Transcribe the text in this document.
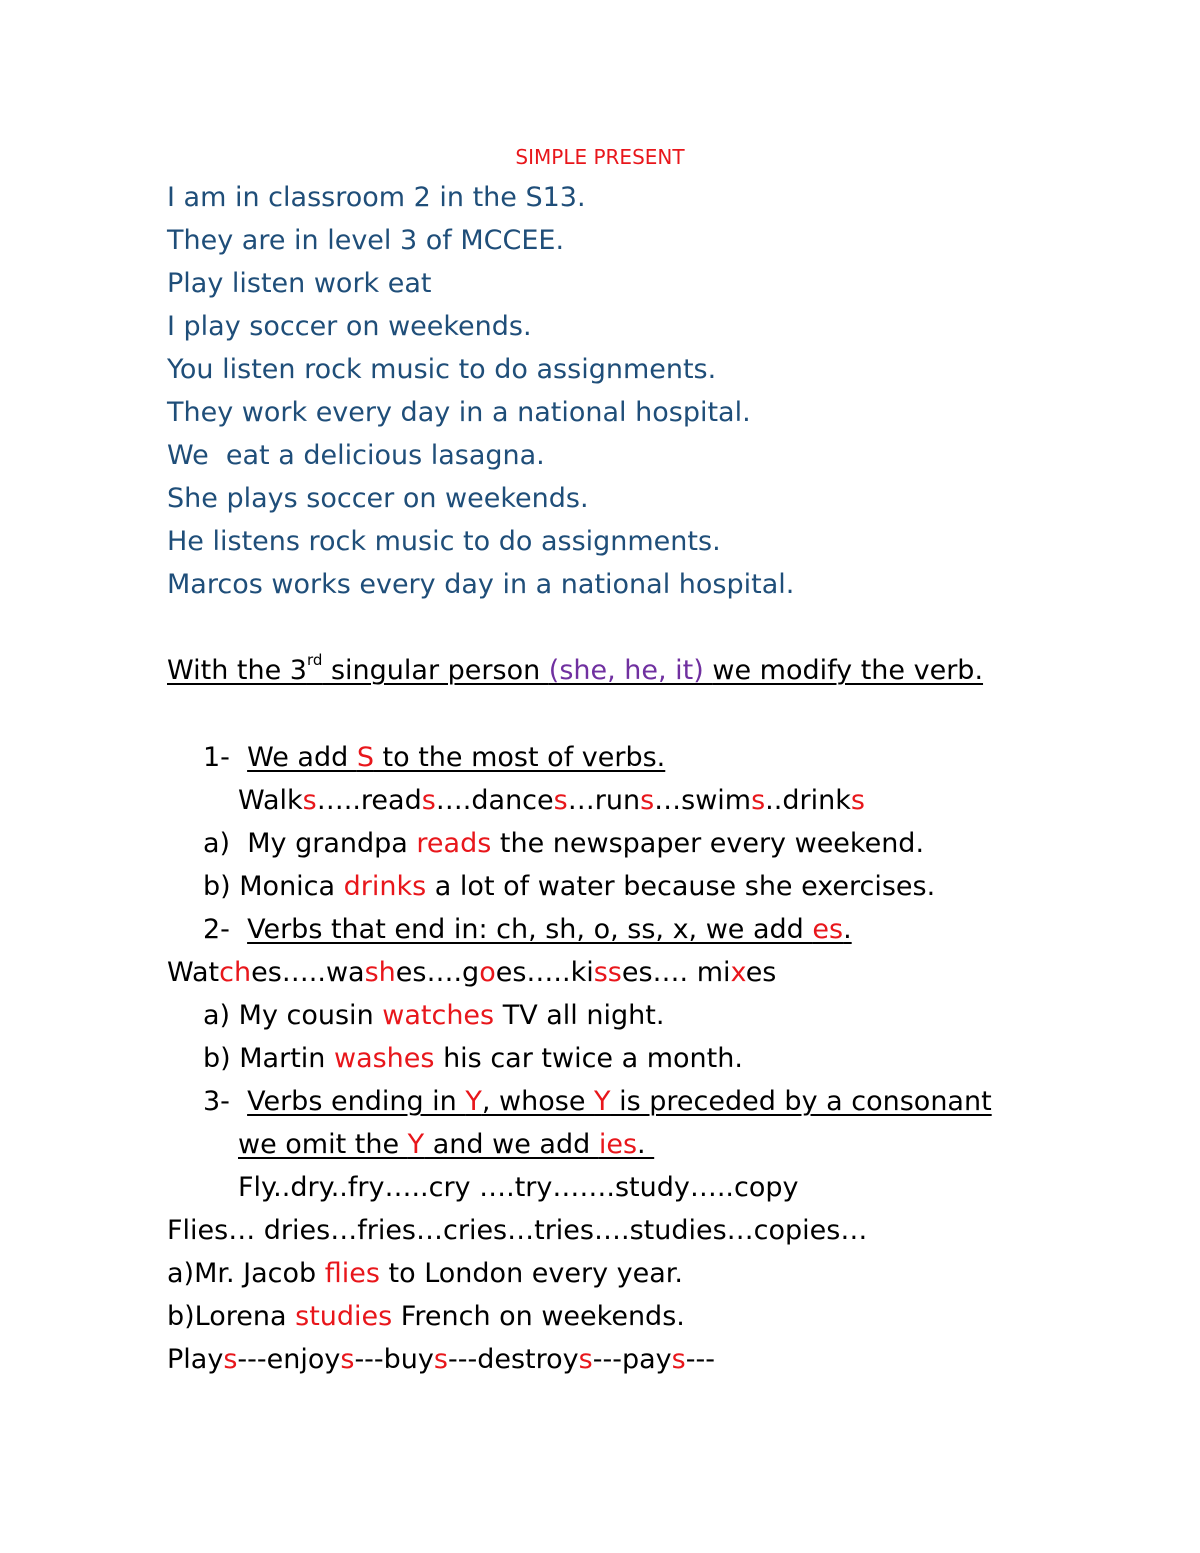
SIMPLE PRESENT
I am in classroom 2 in the S13.
They are in level 3 of MCCEE.
Play listen work eat
I play soccer on weekends.
You listen rock music to do assignments.
They work every day in a national hospital.
We  eat a delicious lasagna.
She plays soccer on weekends.
He listens rock music to do assignments.
Marcos works every day in a national hospital.
With the 3rd singular person (she, he, it) we modify the verb.
1- We add S to the most of verbs.
Walks…..reads….dances…runs…swims..drinks
a)  My grandpa reads the newspaper every weekend.
b) Monica drinks a lot of water because she exercises.
2- Verbs that end in: ch, sh, o, ss, x, we add es.
Watches…..washes….goes…..kisses…. mixes
a) My cousin watches TV all night.
b) Martin washes his car twice a month.
3- Verbs ending in Y, whose Y is preceded by a consonant
we omit the Y and we add ies.
Fly..dry..fry…..cry ….try…….study…..copy
Flies… dries…fries…cries…tries….studies…copies…
a)Mr. Jacob flies to London every year.
b)Lorena studies French on weekends.
Plays---enjoys---buys---destroys---pays---
